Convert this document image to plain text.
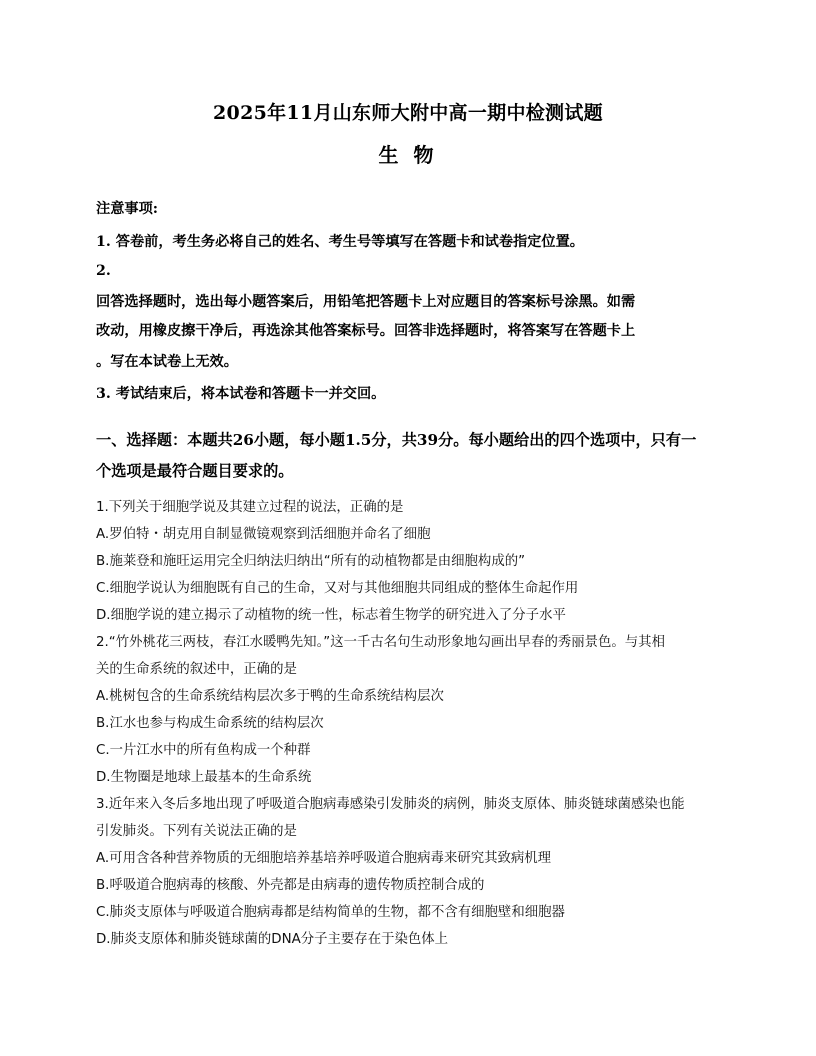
2025年11月山东师大附中高一期中检测试题
生 物
注意事项:
1. 答卷前，考生务必将自己的姓名、考生号等填写在答题卡和试卷指定位置。
2.
回答选择题时，选出每小题答案后，用铅笔把答题卡上对应题目的答案标号涂黑。如需
改动，用橡皮擦干净后，再选涂其他答案标号。回答非选择题时，将答案写在答题卡上
。写在本试卷上无效。
3. 考试结束后，将本试卷和答题卡一并交回。
一、选择题：本题共26小题，每小题1.5分，共39分。每小题给出的四个选项中，只有一
个选项是最符合题目要求的。
1.下列关于细胞学说及其建立过程的说法，正确的是
A.罗伯特・胡克用自制显微镜观察到活细胞并命名了细胞
B.施莱登和施旺运用完全归纳法归纳出“所有的动植物都是由细胞构成的”
C.细胞学说认为细胞既有自己的生命，又对与其他细胞共同组成的整体生命起作用
D.细胞学说的建立揭示了动植物的统一性，标志着生物学的研究进入了分子水平
2.“竹外桃花三两枝，春江水暖鸭先知。”这一千古名句生动形象地勾画出早春的秀丽景色。与其相
关的生命系统的叙述中，正确的是
A.桃树包含的生命系统结构层次多于鸭的生命系统结构层次
B.江水也参与构成生命系统的结构层次
C.一片江水中的所有鱼构成一个种群
D.生物圈是地球上最基本的生命系统
3.近年来入冬后多地出现了呼吸道合胞病毒感染引发肺炎的病例，肺炎支原体、肺炎链球菌感染也能
引发肺炎。下列有关说法正确的是
A.可用含各种营养物质的无细胞培养基培养呼吸道合胞病毒来研究其致病机理
B.呼吸道合胞病毒的核酸、外壳都是由病毒的遗传物质控制合成的
C.肺炎支原体与呼吸道合胞病毒都是结构简单的生物，都不含有细胞壁和细胞器
D.肺炎支原体和肺炎链球菌的DNA分子主要存在于染色体上
